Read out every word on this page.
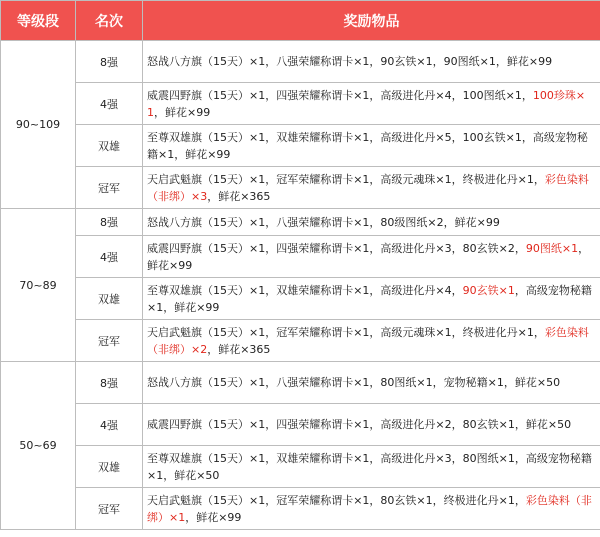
等级段	名次	奖励物品
90~109	8强	怒战八方旗（15天）×1，八强荣耀称谓卡×1，90玄铁×1，90图纸×1，鲜花×99
	4强	威震四野旗（15天）×1，四强荣耀称谓卡×1，高级进化丹×4，100图纸×1，100珍珠×1，鲜花×99
	双雄	至尊双雄旗（15天）×1，双雄荣耀称谓卡×1，高级进化丹×5，100玄铁×1，高级宠物秘籍×1，鲜花×99
	冠军	天启武魁旗（15天）×1，冠军荣耀称谓卡×1，高级元魂珠×1，终极进化丹×1，彩色染料（非绑）×3，鲜花×365
70~89	8强	怒战八方旗（15天）×1，八强荣耀称谓卡×1，80级图纸×2，鲜花×99
	4强	威震四野旗（15天）×1，四强荣耀称谓卡×1，高级进化丹×3，80玄铁×2，90图纸×1，鲜花×99
	双雄	至尊双雄旗（15天）×1，双雄荣耀称谓卡×1，高级进化丹×4，90玄铁×1，高级宠物秘籍×1，鲜花×99
	冠军	天启武魁旗（15天）×1，冠军荣耀称谓卡×1，高级元魂珠×1，终极进化丹×1，彩色染料（非绑）×2，鲜花×365
50~69	8强	怒战八方旗（15天）×1，八强荣耀称谓卡×1，80图纸×1，宠物秘籍×1，鲜花×50
	4强	威震四野旗（15天）×1，四强荣耀称谓卡×1，高级进化丹×2，80玄铁×1，鲜花×50
	双雄	至尊双雄旗（15天）×1，双雄荣耀称谓卡×1，高级进化丹×3，80图纸×1，高级宠物秘籍×1，鲜花×50
	冠军	天启武魁旗（15天）×1，冠军荣耀称谓卡×1，80玄铁×1，终极进化丹×1，彩色染料（非绑）×1，鲜花×99
